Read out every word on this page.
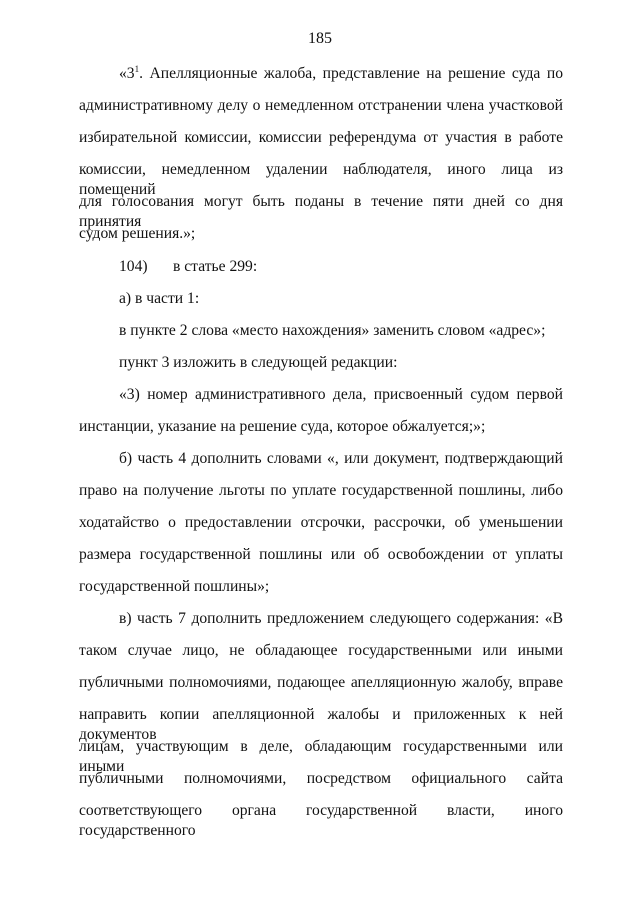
185
«$3^1$. Апелляционные жалоба, представление на решение суда по
административному делу о немедленном отстранении члена участковой
избирательной комиссии, комиссии референдума от участия в работе
комиссии, немедленном удалении наблюдателя, иного лица из помещений
для голосования могут быть поданы в течение пяти дней со дня принятия
судом решения.»;
104) в статье 299:
а) в части 1:
в пункте 2 слова «место нахождения» заменить словом «адрес»;
пункт 3 изложить в следующей редакции:
«3) номер административного дела, присвоенный судом первой
инстанции, указание на решение суда, которое обжалуется;»;
б) часть 4 дополнить словами «, или документ, подтверждающий
право на получение льготы по уплате государственной пошлины, либо
ходатайство о предоставлении отсрочки, рассрочки, об уменьшении
размера государственной пошлины или об освобождении от уплаты
государственной пошлины»;
в) часть 7 дополнить предложением следующего содержания: «В
таком случае лицо, не обладающее государственными или иными
публичными полномочиями, подающее апелляционную жалобу, вправе
направить копии апелляционной жалобы и приложенных к ней документов
лицам, участвующим в деле, обладающим государственными или иными
публичными полномочиями, посредством официального сайта
соответствующего органа государственной власти, иного государственного
